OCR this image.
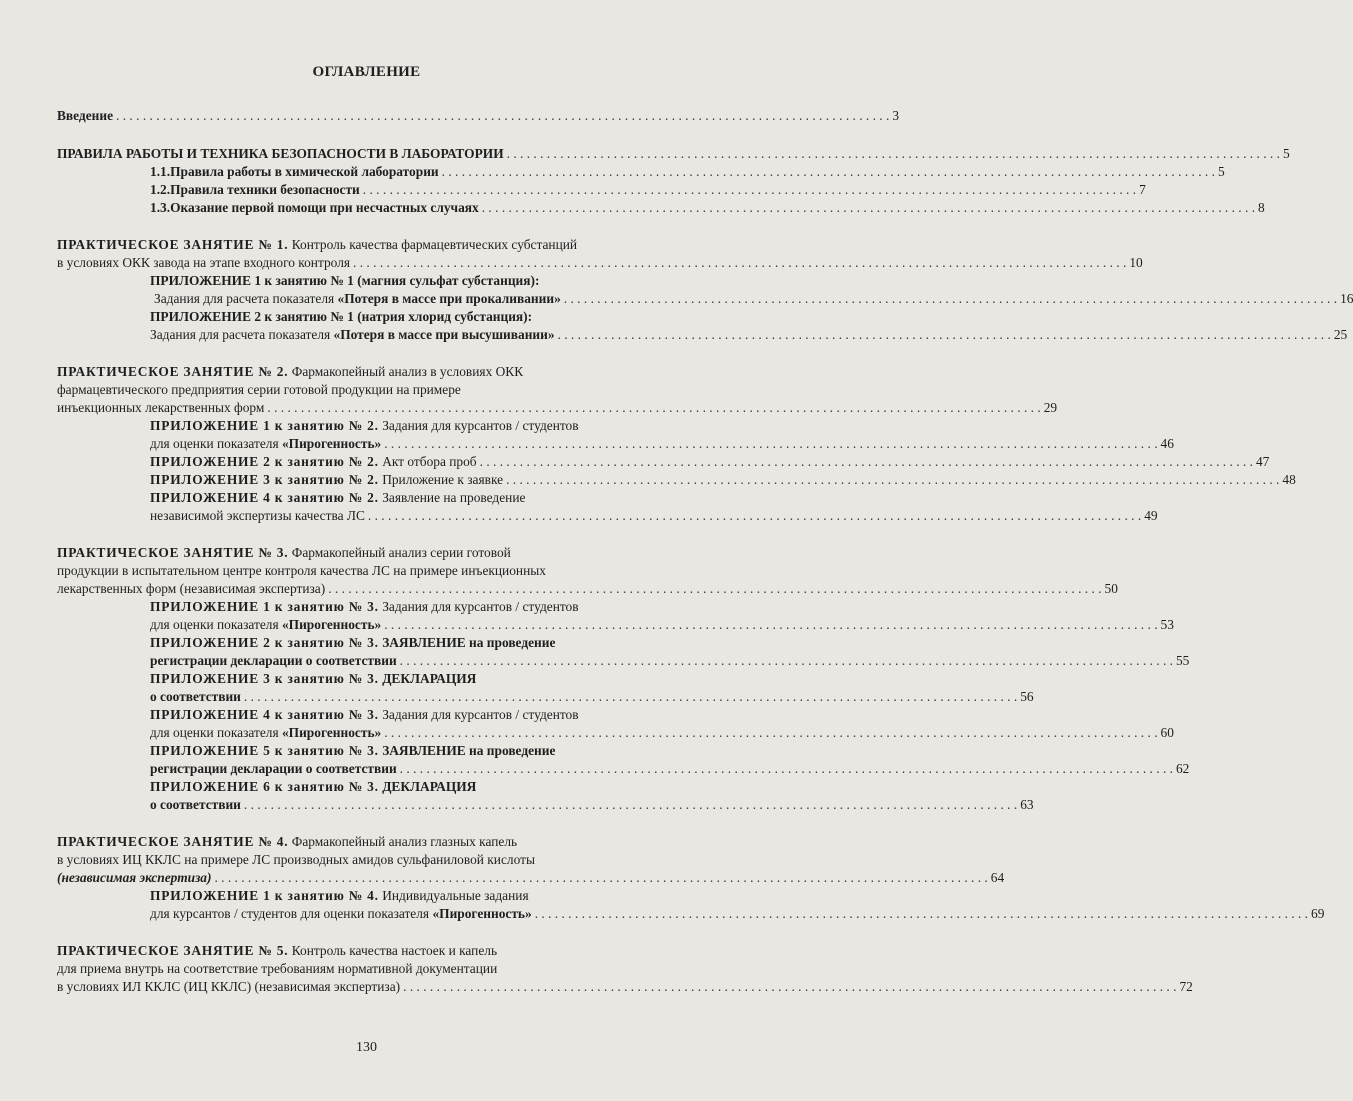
ОГЛАВЛЕНИЕ
Введение . . .	3
ПРАВИЛА РАБОТЫ И ТЕХНИКА БЕЗОПАСНОСТИ В ЛАБОРАТОРИИ . . .	5
1.1. Правила работы в химической лаборатории . . .	5
1.2. Правила техники безопасности . . .	7
1.3. Оказание первой помощи при несчастных случаях . . .	8
ПРАКТИЧЕСКОЕ ЗАНЯТИЕ № 1. Контроль качества фармацевтических субстанций
в условиях ОКК завода на этапе входного контроля . . .	10
ПРИЛОЖЕНИЕ 1 к занятию № 1 (магния сульфат субстанция):
Задания для расчета показателя «Потеря в массе при прокаливании» . . .	16
ПРИЛОЖЕНИЕ 2 к занятию № 1 (натрия хлорид субстанция):
Задания для расчета показателя «Потеря в массе при высушивании» . . .	25
ПРАКТИЧЕСКОЕ ЗАНЯТИЕ № 2. Фармакопейный анализ в условиях ОКК
фармацевтического предприятия серии готовой продукции на примере
инъекционных лекарственных форм . . .	29
ПРИЛОЖЕНИЕ 1 к занятию № 2. Задания для курсантов / студентов
для оценки показателя «Пирогенность» . . .	46
ПРИЛОЖЕНИЕ 2 к занятию № 2. Акт отбора проб . . .	47
ПРИЛОЖЕНИЕ 3 к занятию № 2. Приложение к заявке . . .	48
ПРИЛОЖЕНИЕ 4 к занятию № 2. Заявление на проведение
независимой экспертизы качества ЛС . . .	49
ПРАКТИЧЕСКОЕ ЗАНЯТИЕ № 3. Фармакопейный анализ серии готовой
продукции в испытательном центре контроля качества ЛС на примере инъекционных
лекарственных форм (независимая экспертиза) . . .	50
ПРИЛОЖЕНИЕ 1 к занятию № 3. Задания для курсантов / студентов
для оценки показателя «Пирогенность» . . .	53
ПРИЛОЖЕНИЕ 2 к занятию № 3. ЗАЯВЛЕНИЕ на проведение
регистрации декларации о соответствии . . .	55
ПРИЛОЖЕНИЕ 3 к занятию № 3. ДЕКЛАРАЦИЯ
о соответствии . . .	56
ПРИЛОЖЕНИЕ 4 к занятию № 3. Задания для курсантов / студентов
для оценки показателя «Пирогенность» . . .	60
ПРИЛОЖЕНИЕ 5 к занятию № 3. ЗАЯВЛЕНИЕ на проведение
регистрации декларации о соответствии . . .	62
ПРИЛОЖЕНИЕ 6 к занятию № 3. ДЕКЛАРАЦИЯ
о соответствии . . .	63
ПРАКТИЧЕСКОЕ ЗАНЯТИЕ № 4. Фармакопейный анализ глазных капель
в условиях ИЦ ККЛС на примере ЛС производных амидов сульфаниловой кислоты
(независимая экспертиза) . . .	64
ПРИЛОЖЕНИЕ 1 к занятию № 4. Индивидуальные задания
для курсантов / студентов для оценки показателя «Пирогенность» . . .	69
ПРАКТИЧЕСКОЕ ЗАНЯТИЕ № 5. Контроль качества настоек и капель
для приема внутрь на соответствие требованиям нормативной документации
в условиях ИЛ ККЛС (ИЦ ККЛС) (независимая экспертиза) . . .	72
130
